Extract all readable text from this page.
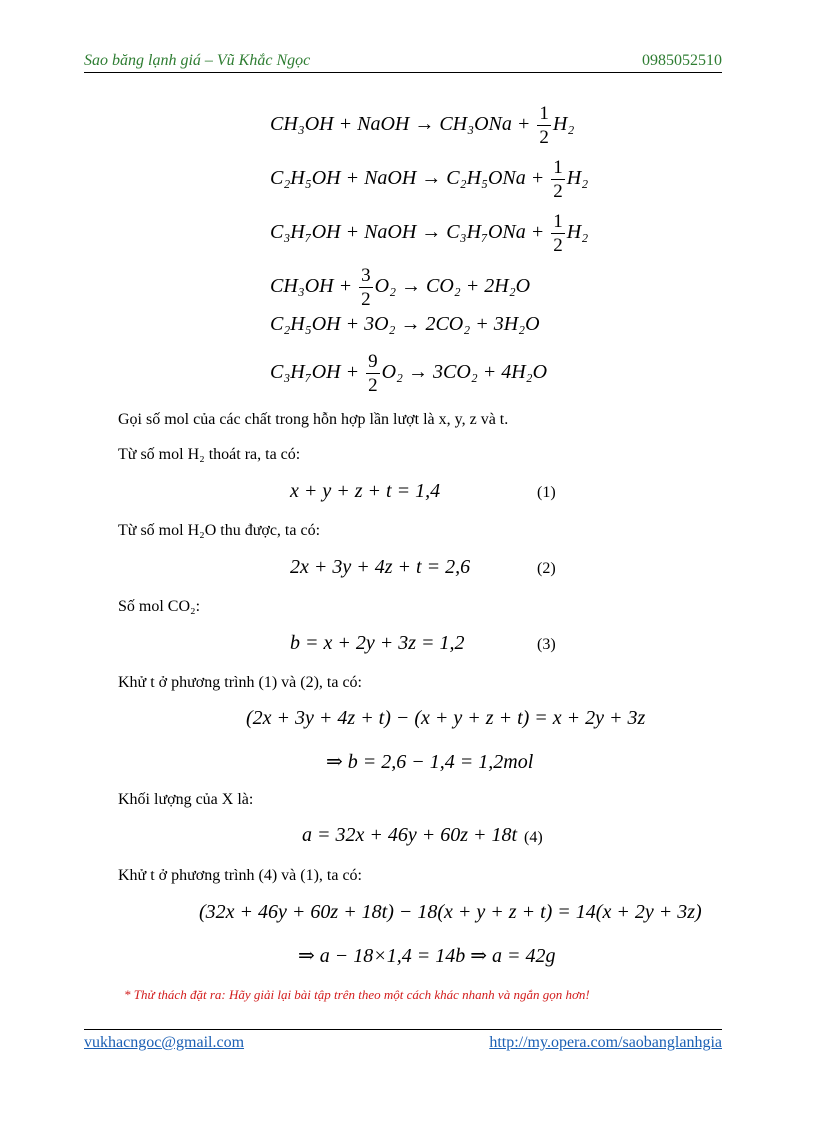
Sao băng lạnh giá – Vũ Khắc Ngọc	0985052510
CH₃OH + NaOH → $CH_3ONa + \frac{1}{2} H_2$
C₂H₅OH + NaOH → $C_2H_5ONa + \frac{1}{2} H_2$
C₃H₇OH + NaOH → $C_3H_7ONa + \frac{1}{2} H_2$
$CH_3OH + \frac{3}{2} O_2 \to CO_2 + 2H_2O$
C₂H₅OH + 3O₂ → 2CO₂ + 3H₂O
$C_3H_7OH + \frac{9}{2} O_2 \to 3CO_2 + 4H_2O$
Gọi số mol của các chất trong hỗn hợp lần lượt là x, y, z và t.
Từ số mol H₂ thoát ra, ta có:
x + y + z + t = 1,4	(1)
Từ số mol H₂O thu được, ta có:
2x + 3y + 4z + t = 2,6	(2)
Số mol CO₂:
b = x + 2y + 3z = 1,2	(3)
Khử t ở phương trình (1) và (2), ta có:
(2x + 3y + 4z + t) − (x + y + z + t) = x + 2y + 3z
⇒ b = 2,6 − 1,4 = 1,2mol
Khối lượng của X là:
a = 32x + 46y + 60z + 18t (4)
Khử t ở phương trình (4) và (1), ta có:
(32x + 46y + 60z + 18t) − 18(x + y + z + t) = 14(x + 2y + 3z)
⇒ a − 18×1,4 = 14b ⇒ a = 42g
* Thử thách đặt ra: Hãy giải lại bài tập trên theo một cách khác nhanh và ngắn gọn hơn!
vukhacngoc@gmail.com	http://my.opera.com/saobanglanhgia
